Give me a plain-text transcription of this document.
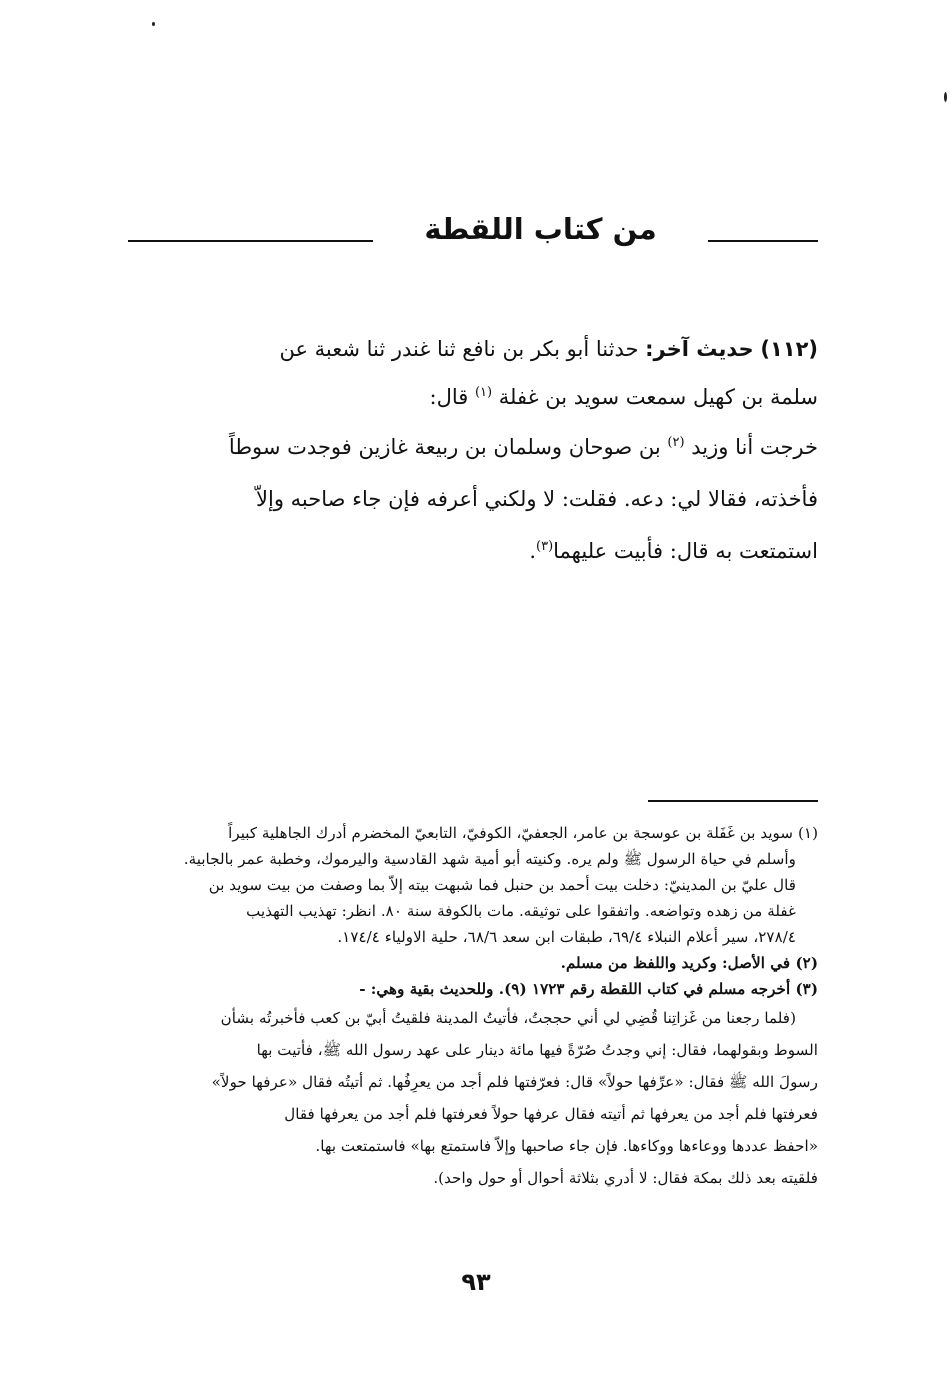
من كتاب اللقطة
(١١٢) حديث آخر: حدثنا أبو بكر بن نافع ثنا غندر ثنا شعبة عن
سلمة بن كهيل سمعت سويد بن غفلة $^{(١)}$ قال:
خرجت أنا وزيد $^{(٢)}$ بن صوحان وسلمان بن ربيعة غازين فوجدت سوطاً
فأخذته، فقالا لي: دعه. فقلت: لا ولكني أعرفه فإن جاء صاحبه وإلاّ
استمتعت به قال: فأبيت عليهما$^{(٣)}$.
(١) سويد بن غَفَلة بن عوسجة بن عامر، الجعفيّ، الكوفيّ، التابعيّ المخضرم أدرك الجاهلية كبيراً
وأسلم في حياة الرسول ﷺ ولم يره. وكنيته أبو أمية شهد القادسية واليرموك، وخطبة عمر بالجابية.
قال عليّ بن المدينيّ: دخلت بيت أحمد بن حنبل فما شبهت بيته إلاّ بما وصفت من بيت سويد بن
غفلة من زهده وتواضعه. واتفقوا على توثيقه. مات بالكوفة سنة ٨٠. انظر: تهذيب التهذيب
٢٧٨/٤، سير أعلام النبلاء ٦٩/٤، طبقات ابن سعد ٦٨/٦، حلية الاولياء ١٧٤/٤.
(٢) في الأصل: وكريد واللفظ من مسلم.
(٣) أخرجه مسلم في كتاب اللقطة رقم ١٧٢٣ (٩). وللحديث بقية وهي: -
(فلما رجعنا من غَزاتِنا قُضِي لي أني حججتُ، فأتيتُ المدينة فلقيتُ أبيّ بن كعب فأخبرتُه بشأن
السوط وبقولهما، فقال: إني وجدتُ صُرّةً فيها مائة دينار على عهد رسول الله ﷺ، فأتيت بها
رسولَ الله ﷺ فقال: «عرِّفها حولاً» قال: فعرّفتها فلم أجد من يعرِفُها. ثم أتيتُه فقال «عرفها حولاً»
فعرفتها فلم أجد من يعرفها ثم أتيته فقال عرفها حولاً فعرفتها فلم أجد من يعرفها فقال
«احفظ عددها ووعاءها ووكاءها. فإن جاء صاحبها وإلاّ فاستمتع بها» فاستمتعت بها.
فلقيته بعد ذلك بمكة فقال: لا أدري بثلاثة أحوال أو حول واحد).
٩٣
